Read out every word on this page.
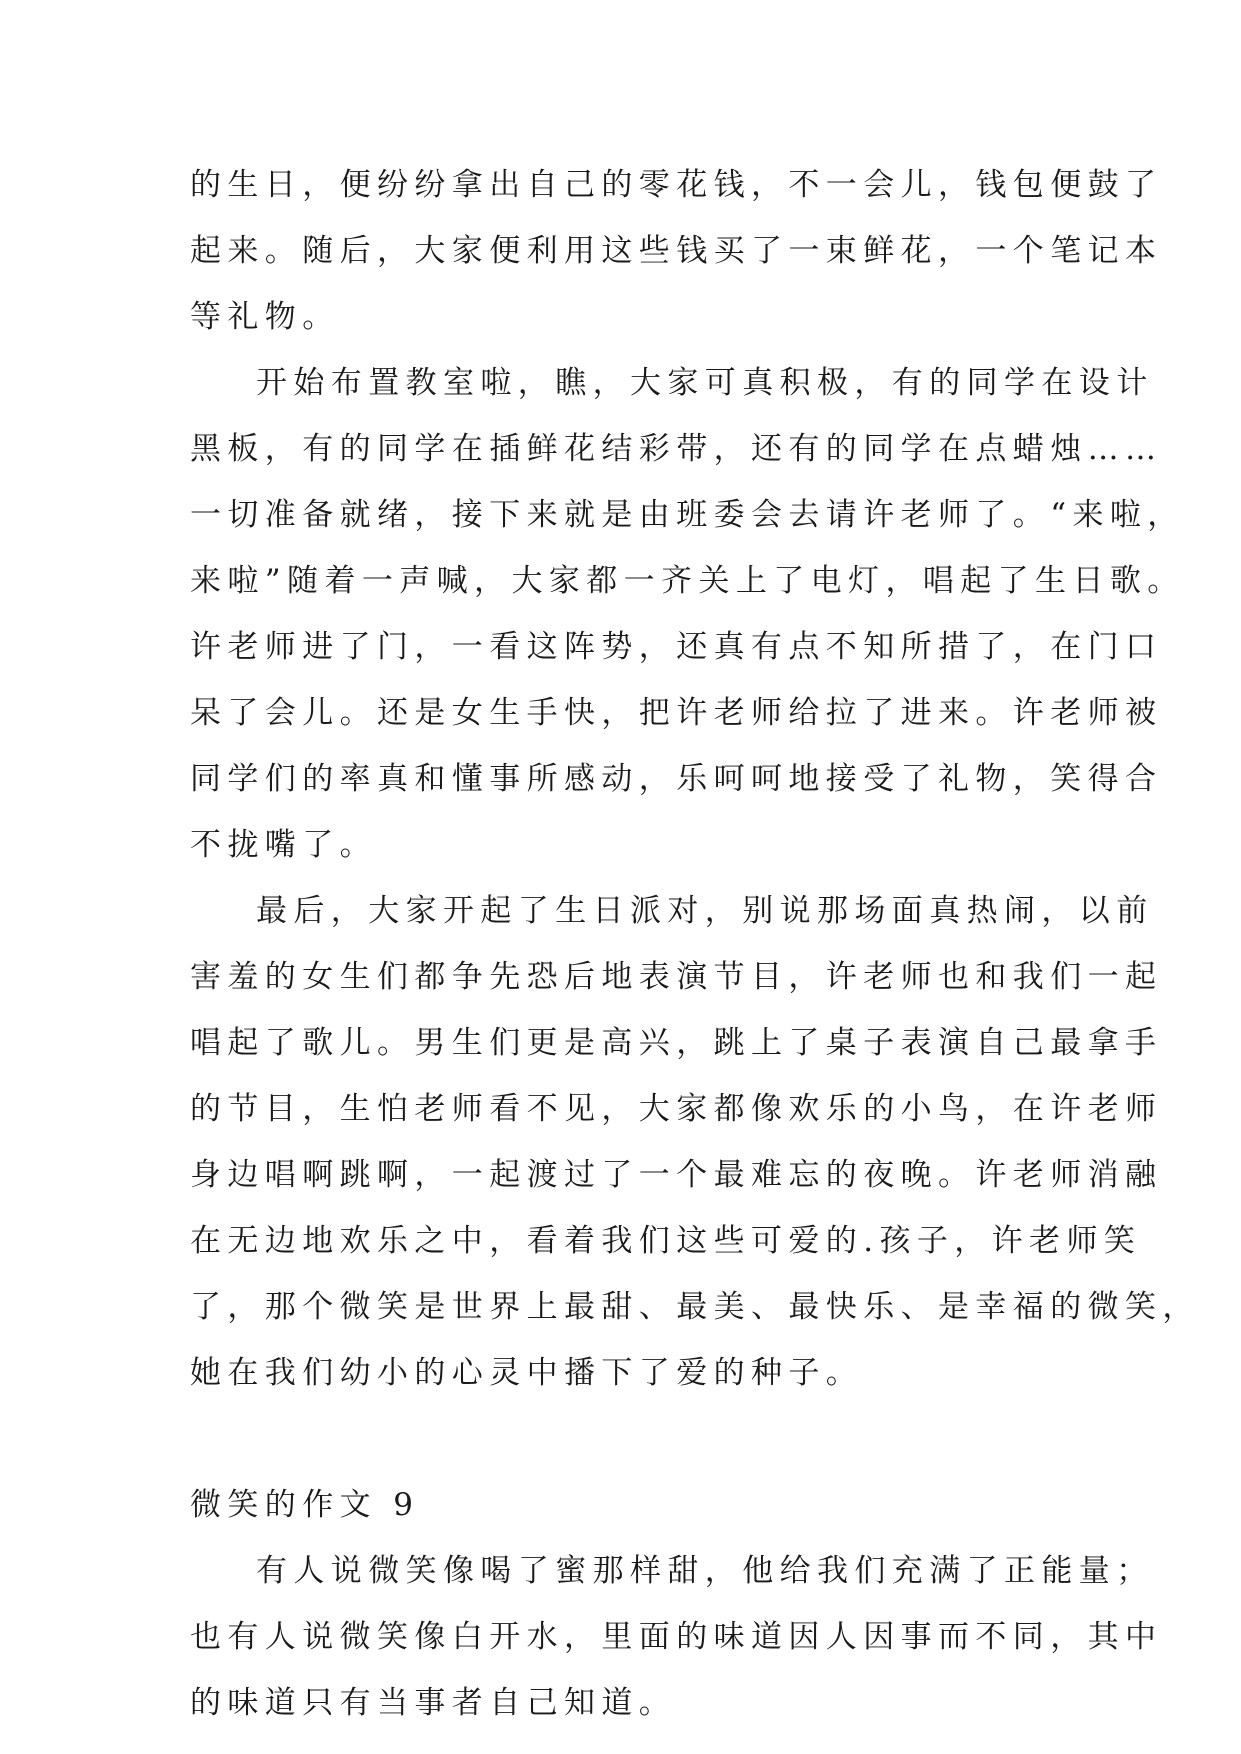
的生日，便纷纷拿出自己的零花钱，不一会儿，钱包便鼓了
起来。随后，大家便利用这些钱买了一束鲜花，一个笔记本
等礼物。
开始布置教室啦，瞧，大家可真积极，有的同学在设计
黑板，有的同学在插鲜花结彩带，还有的同学在点蜡烛……
一切准备就绪，接下来就是由班委会去请许老师了。“来啦，
来啦”随着一声喊，大家都一齐关上了电灯，唱起了生日歌。
许老师进了门，一看这阵势，还真有点不知所措了，在门口
呆了会儿。还是女生手快，把许老师给拉了进来。许老师被
同学们的率真和懂事所感动，乐呵呵地接受了礼物，笑得合
不拢嘴了。
最后，大家开起了生日派对，别说那场面真热闹，以前
害羞的女生们都争先恐后地表演节目，许老师也和我们一起
唱起了歌儿。男生们更是高兴，跳上了桌子表演自己最拿手
的节目，生怕老师看不见，大家都像欢乐的小鸟，在许老师
身边唱啊跳啊，一起渡过了一个最难忘的夜晚。许老师消融
在无边地欢乐之中，看着我们这些可爱的.孩子，许老师笑
了，那个微笑是世界上最甜、最美、最快乐、是幸福的微笑，
她在我们幼小的心灵中播下了爱的种子。
微笑的作文 9
有人说微笑像喝了蜜那样甜，他给我们充满了正能量；
也有人说微笑像白开水，里面的味道因人因事而不同，其中
的味道只有当事者自己知道。
